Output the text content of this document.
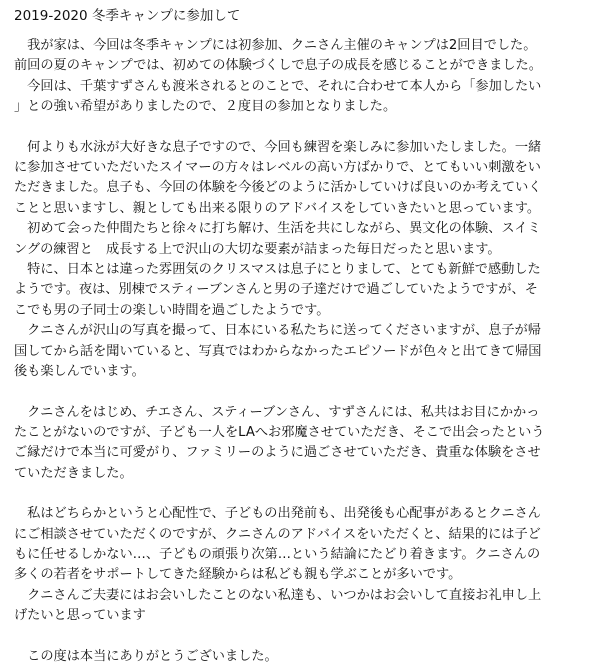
2019-2020 冬季キャンプに参加して
　我が家は、今回は冬季キャンプには初参加、クニさん主催のキャンプは2回目でした。
前回の夏のキャンプでは、初めての体験づくしで息子の成長を感じることができました。
　今回は、千葉すずさんも渡米されるとのことで、それに合わせて本人から「参加したい
」との強い希望がありましたので、２度目の参加となりました。
　何よりも水泳が大好きな息子ですので、今回も練習を楽しみに参加いたしました。一緒
に参加させていただいたスイマーの方々はレベルの高い方ばかりで、とてもいい刺激をい
ただきました。息子も、今回の体験を今後どのように活かしていけば良いのか考えていく
ことと思いますし、親としても出来る限りのアドバイスをしていきたいと思っています。
　初めて会った仲間たちと徐々に打ち解け、生活を共にしながら、異文化の体験、スイミ
ングの練習と　成長する上で沢山の大切な要素が詰まった毎日だったと思います。
　特に、日本とは違った雰囲気のクリスマスは息子にとりまして、とても新鮮で感動した
ようです。夜は、別棟でスティーブンさんと男の子達だけで過ごしていたようですが、そ
こでも男の子同士の楽しい時間を過ごしたようです。
　クニさんが沢山の写真を撮って、日本にいる私たちに送ってくださいますが、息子が帰
国してから話を聞いていると、写真ではわからなかったエピソードが色々と出てきて帰国
後も楽しんでいます。
　クニさんをはじめ、チエさん、スティーブンさん、すずさんには、私共はお目にかかっ
たことがないのですが、子ども一人をLAへお邪魔させていただき、そこで出会ったという
ご縁だけで本当に可愛がり、ファミリーのように過ごさせていただき、貴重な体験をさせ
ていただきました。
　私はどちらかというと心配性で、子どもの出発前も、出発後も心配事があるとクニさん
にご相談させていただくのですが、クニさんのアドバイスをいただくと、結果的には子ど
もに任せるしかない…、子どもの頑張り次第…という結論にたどり着きます。クニさんの
多くの若者をサポートしてきた経験からは私ども親も学ぶことが多いです。
　クニさんご夫妻にはお会いしたことのない私達も、いつかはお会いして直接お礼申し上
げたいと思っています
　この度は本当にありがとうございました。
